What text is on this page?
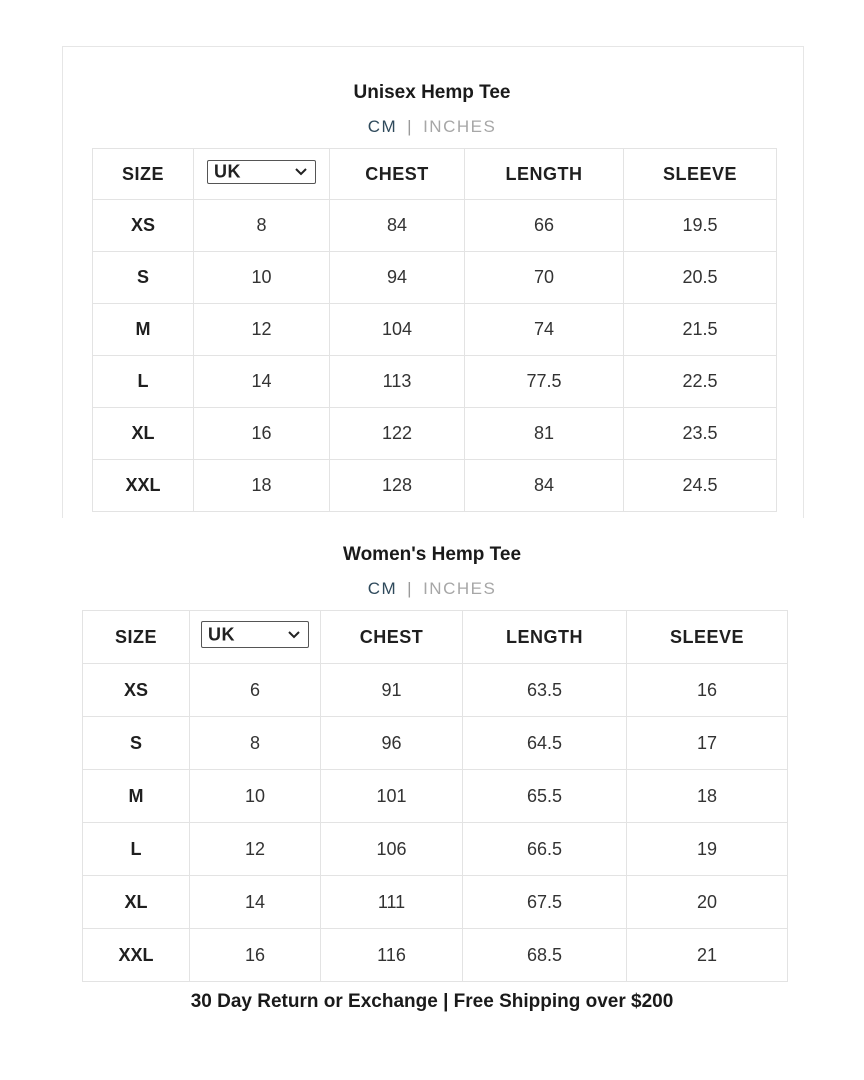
Unisex Hemp Tee
CM | INCHES
SIZE	UK	CHEST	LENGTH	SLEEVE
XS	8	84	66	19.5
S	10	94	70	20.5
M	12	104	74	21.5
L	14	113	77.5	22.5
XL	16	122	81	23.5
XXL	18	128	84	24.5
Women's Hemp Tee
CM | INCHES
SIZE	UK	CHEST	LENGTH	SLEEVE
XS	6	91	63.5	16
S	8	96	64.5	17
M	10	101	65.5	18
L	12	106	66.5	19
XL	14	111	67.5	20
XXL	16	116	68.5	21
30 Day Return or Exchange | Free Shipping over $200
